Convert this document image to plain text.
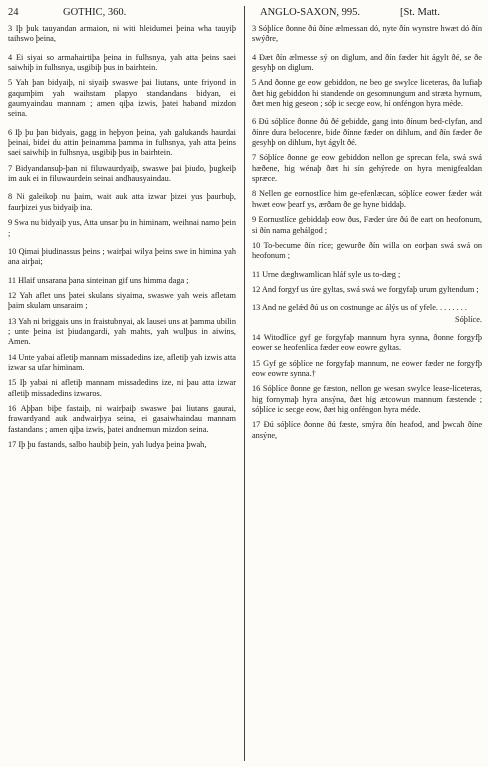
24	GOTHIC, 360.	ANGLO-SAXON, 995.	[St. Matt.

3 Iþ þuk tauyandan armaion, ni witi hleidumei þeina wha tauyiþ taihswo þeina,

4 Ei siyai so armahairtiþa þeina in fulhsnya, yah atta þeins saei saiwhiþ in fulhsnya, usgibiþ þus in bairhtein.

5 Yah þan bidyaiþ, ni siyaiþ swaswe þai liutans, unte friyond in gaqumþim yah waihstam plapyo standandans bidyan, ei gaumyaindau mannam ; amen qiþa izwis, þatei haband mizdon seina.

6 Iþ þu þan bidyais, gagg in heþyon þeina, yah galukands haurdai þeinai, bidei du attin þeinamma þamma in fulhsnya, yah atta þeins saei saiwhiþ in fulhsnya, usgibiþ þus in bairhtein.

7 Bidyandansuþ-þan ni filuwaurdyaiþ, swaswe þai þiudo, þugkeiþ im auk ei in filuwaurdein seinai andhausyaindau.

8 Ni galeikoþ nu þaim, wait auk atta izwar þizei yus þaurbuþ, faurþizei yus bidyaiþ ina.

9 Swa nu bidyaiþ yus, Atta unsar þu in himinam, weihnai namo þein ;

10 Qimai þiudinassus þeins ; wairþai wilya þeins swe in himina yah ana airþai;

11 Hlaif unsarana þana sinteinan gif uns himma daga ;

12 Yah aflet uns þatei skulans siyaima, swaswe yah weis afletam þaim skulam unsaraim ;

13 Yah ni briggais uns in fraistubnyai, ak lausei uns at þamma ubilin ; unte þeina ist þiudangardi, yah mahts, yah wulþus in aiwins, Amen.

14 Unte yabai afletiþ mannam missadedins ize, afletiþ yah izwis atta izwar sa ufar himinam.

15 Iþ yabai ni afletiþ mannam missadedins ize, ni þau atta izwar afletiþ missadedins izwaros.

16 Aþþan biþe fastaiþ, ni wairþaiþ swaswe þai liutans gaurai, frawardyand auk andwairþya seina, ei gasaiwhaindau mannam fastandans ; amen qiþa izwis, þatei andnemun mizdon seina.

17 Iþ þu fastands, salbo haubiþ þein, yah ludya þeina þwah,

3 Sóþlíce ðonne ðú ðíne ælmessan dó, nyte ðín wynstre hwæt dó ðín swýðre,

4 Ðæt ðín ælmesse sý on diglum, and ðín fæder hit ágylt ðé, se ðe gesyhþ on diglum.

5 And ðonne ge eow gebiddon, ne beo ge swylce liceteras, ða lufiaþ ðæt hig gebiddon hi standende on gesomnungum and stræta hyrnum, ðæt men hig geseon ; sóþ ic secge eow, hí onféngon hyra méde.

6 Ðú sóþlíce ðonne ðú ðé gebidde, gang into ðínum bed-clyfan, and ðínre dura belocenre, bide ðínne fæder on dihlum, and ðín fæder ðe gesyhþ on dihlum, hyt ágylt ðé.

7 Sóþlíce ðonne ge eow gebiddon nellon ge sprecan fela, swá swá hæðene, hig wénaþ ðæt hi sín gehýrede on hyra menigfealdan spræce.

8 Nellen ge eornostlíce him ge-efenlæcan, sóþlíce eower fæder wát hwæt eow þearf ys, ærðam ðe ge hyne biddaþ.

9 Eornustlíce gebiddaþ eow ðus, Fæder úre ðú ðe eart on heofonum, si ðín nama gehálgod ;

10 To-becume ðín ríce; gewurðe ðín willa on eorþan swá swá on heofonum ;

11 Urne dæghwamlican hláf syle us to-dæg ;

12 And forgyf us úre gyltas, swá swá we forgyfaþ urum gyltendum ;

13 And ne gelǽd ðú us on costnunge ac álýs us of yfele. . . . . . . .

Sóþlíce.

14 Witodlíce gyf ge forgyfaþ mannum hyra synna, ðonne forgyfþ eower se heofenlíca fæder eow eowre gyltas.

15 Gyf ge sóþlíce ne forgyfaþ mannum, ne eower fæder ne forgyfþ eow eowre synna.†

16 Sóþlíce ðonne ge fæston, nellon ge wesan swylce lease-liceteras, hig fornymaþ hyra ansýna, ðæt hig ætcowun mannum fæstende ; sóþlíce ic secge eow, ðæt hig onféngon hyra méde.

17 Ðú sóþlíce ðonne ðú fæste, smýra ðín heafod, and þwcah ðíne ansýne,
